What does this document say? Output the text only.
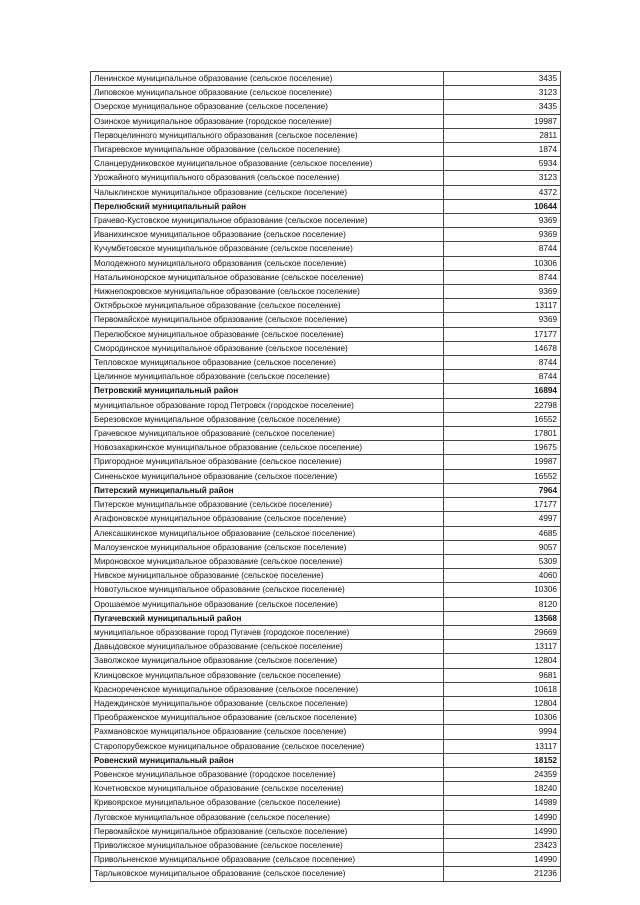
Ленинское муниципальное образование (сельское поселение)	3435
Липовское муниципальное образование (сельское поселение)	3123
Озерское муниципальное образование (сельское поселение)	3435
Озинское муниципальное образование (городское поселение)	19987
Первоцелинного муниципального образования (сельское поселение)	2811
Пигаревское муниципальное образование (сельское поселение)	1874
Сланцерудниковское муниципальное образование (сельское поселение)	5934
Урожайного муниципального образования (сельское поселение)	3123
Чалыклинское муниципальное образование (сельское поселение)	4372
Перелюбский муниципальный район	10644
Грачево-Кустовское муниципальное образование (сельское поселение)	9369
Иванихинское муниципальное образование (сельское поселение)	9369
Кучумбетовское муниципальное образование (сельское поселение)	8744
Молодежного муниципального образования (сельское поселение)	10306
Натальинонорское муниципальное образование (сельское поселение)	8744
Нижнепокровское муниципальное образование (сельское поселение)	9369
Октябрьское муниципальное образование (сельское поселение)	13117
Первомайское муниципальное образование (сельское поселение)	9369
Перелюбское муниципальное образование (сельское поселение)	17177
Смородинское муниципальное образование (сельское поселение)	14678
Тепловское муниципальное образование (сельское поселение)	8744
Целинное муниципальное образование (сельское поселение)	8744
Петровский муниципальный район	16894
муниципальное образование город Петровск (городское поселение)	22798
Березовское муниципальное образование (сельское поселение)	16552
Грачевское муниципальное образование (сельское поселение)	17801
Новозахаркинское муниципальное образование (сельское поселение)	19675
Пригородное муниципальное образование (сельское поселение)	19987
Синеньское муниципальное образование (сельское поселение)	16552
Питерский муниципальный район	7964
Питерское муниципальное образование (сельское поселение)	17177
Агафоновское муниципальное образование (сельское поселение)	4997
Алексашкинское муниципальное образование (сельское поселение)	4685
Малоузенское муниципальное образование (сельское поселение)	9057
Мироновское муниципальное образование (сельское поселение)	5309
Нивское муниципальное образование (сельское поселение)	4060
Новотульское муниципальное образование (сельское поселение)	10306
Орошаемое муниципальное образование (сельское поселение)	8120
Пугачевский муниципальный район	13568
муниципальное образование город Пугачев (городское поселение)	29669
Давыдовское муниципальное образование (сельское поселение)	13117
Заволжское муниципальное образование (сельское поселение)	12804
Клинцовское муниципальное образование (сельское поселение)	9681
Краснореченское муниципальное образование (сельское поселение)	10618
Надеждинское муниципальное образование (сельское поселение)	12804
Преображенское муниципальное образование (сельское поселение)	10306
Рахмановское муниципальное образование (сельское поселение)	9994
Старопорубежское муниципальное образование (сельское поселение)	13117
Ровенский муниципальный район	18152
Ровенское муниципальное образование (городское поселение)	24359
Кочетновское муниципальное образование (сельское поселение)	18240
Кривоярское муниципальное образование (сельское поселение)	14989
Луговское муниципальное образование (сельское поселение)	14990
Первомайское муниципальное образование (сельское поселение)	14990
Приволжское муниципальное образование (сельское поселение)	23423
Привольненское муниципальное образование (сельское поселение)	14990
Тарлыковское муниципальное образование (сельское поселение)	21236
